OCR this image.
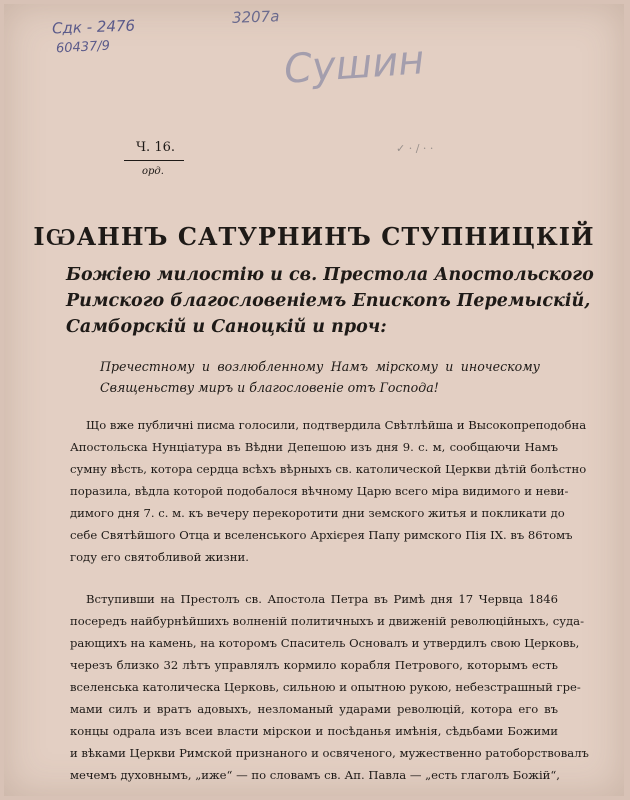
Сдк - 2476
60437/9
3207а
Сушин
Ч. 16.
орд.
✓ · ∕ · ·
ІѠАННЪ САТУРНИНЪ СТУПНИЦКІЙ
Божіею милостію и св. Престола Апостольского
Римского благословеніемъ Епископъ Перемыскій,
Самборскій и Саноцкій и проч:
Пречестному и возлюбленному Намъ мірскому и иноческому Священьству миръ и благословеніе отъ Господа!
Що вже публичні писма голосили, подтвердила Свѣтлѣйша и Высокопреподобна
Апостольска Нунціатура въ Вѣдни Депешою изъ дня 9. с. м, сообщаючи Намъ
сумну вѣсть, котора сердца всѣхъ вѣрныхъ св. католической Церкви дѣтій болѣстно
поразила, вѣдла которой подобалося вѣчному Царю всего міра видимого и неви-
димого дня 7. с. м. къ вечеру перекоротити дни земского житья и покликати до
себе Святѣйшого Отца и вселенського Архієрея Папу римского Пія IX. въ 86томъ
году его святобливой жизни.
Вступивши на Престолъ св. Апостола Петра въ Римѣ дня 17 Червца 1846
посередъ найбурнѣйшихъ волненій политичныхъ и движеній революційныхъ, суда-
рающихъ на камень, на которомъ Спаситель Основалъ и утвердилъ свою Церковь,
черезъ близко 32 лѣтъ управлялъ кормило корабля Петрового, которымъ есть
вселенська католическа Церковь, сильною и опытною рукою, небезстрашный гре-
мами силъ и вратъ адовыхъ, незломаный ударами революцій, котора его въ
концы одрала изъ всеи власти мірскои и посѣданья имѣнія, сѣдьбами Божими
и вѣками Церкви Римской признаного и освяченого, мужественно ратоборствовалъ
мечемъ духовнымъ, „иже“ — по словамъ св. Ап. Павла — „есть глаголъ Божій“,
